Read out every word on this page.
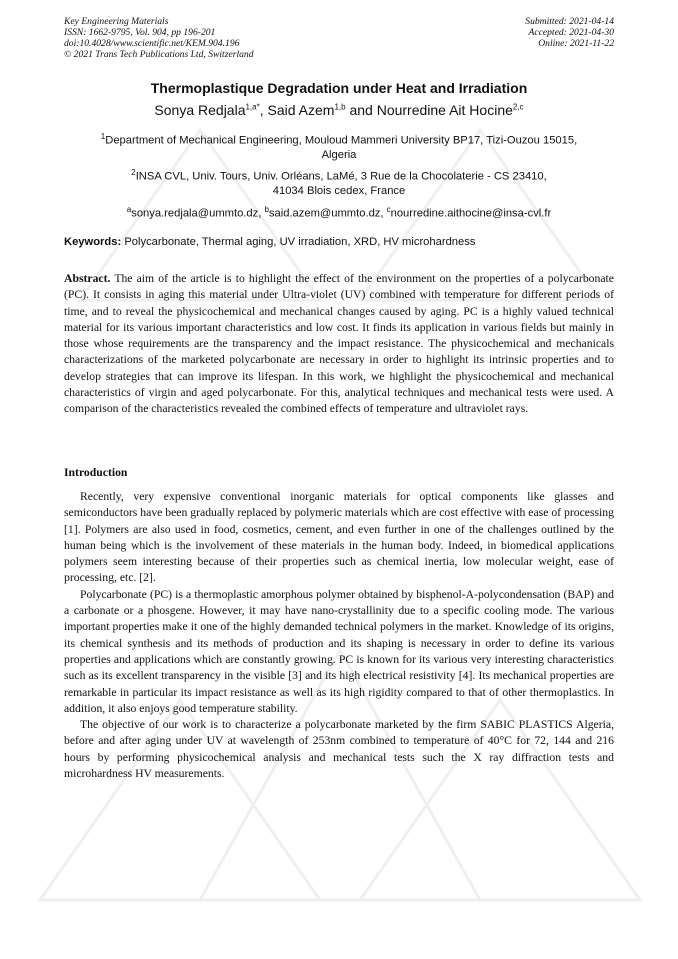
Key Engineering Materials
ISSN: 1662-9795, Vol. 904, pp 196-201
doi:10.4028/www.scientific.net/KEM.904.196
© 2021 Trans Tech Publications Ltd, Switzerland
Submitted: 2021-04-14
Accepted: 2021-04-30
Online: 2021-11-22
Thermoplastique Degradation under Heat and Irradiation
Sonya Redjala$^{1,a*}$, Said Azem$^{1,b}$ and Nourredine Ait Hocine$^{2,c}$
$^1$Department of Mechanical Engineering, Mouloud Mammeri University BP17, Tizi-Ouzou 15015,
Algeria
$^2$INSA CVL, Univ. Tours, Univ. Orléans, LaMé, 3 Rue de la Chocolaterie - CS 23410,
41034 Blois cedex, France
$^a$sonya.redjala@ummto.dz, $^b$said.azem@ummto.dz, $^c$nourredine.aithocine@insa-cvl.fr
Keywords: Polycarbonate, Thermal aging, UV irradiation, XRD, HV microhardness

Abstract. The aim of the article is to highlight the effect of the environment on the properties of a polycarbonate (PC). It consists in aging this material under Ultra-violet (UV) combined with temperature for different periods of time, and to reveal the physicochemical and mechanical changes caused by aging. PC is a highly valued technical material for its various important characteristics and low cost. It finds its application in various fields but mainly in those whose requirements are the transparency and the impact resistance. The physicochemical and mechanicals characterizations of the marketed polycarbonate are necessary in order to highlight its intrinsic properties and to develop strategies that can improve its lifespan. In this work, we highlight the physicochemical and mechanical characteristics of virgin and aged polycarbonate. For this, analytical techniques and mechanical tests were used. A comparison of the characteristics revealed the combined effects of temperature and ultraviolet rays.

Introduction

Recently, very expensive conventional inorganic materials for optical components like glasses and semiconductors have been gradually replaced by polymeric materials which are cost effective with ease of processing [1]. Polymers are also used in food, cosmetics, cement, and even further in one of the challenges outlined by the human being which is the involvement of these materials in the human body. Indeed, in biomedical applications polymers seem interesting because of their properties such as chemical inertia, low molecular weight, ease of processing, etc. [2].

Polycarbonate (PC) is a thermoplastic amorphous polymer obtained by bisphenol-A-polycondensation (BAP) and a carbonate or a phosgene. However, it may have nano-crystallinity due to a specific cooling mode. The various important properties make it one of the highly demanded technical polymers in the market. Knowledge of its origins, its chemical synthesis and its methods of production and its shaping is necessary in order to define its various properties and applications which are constantly growing. PC is known for its various very interesting characteristics such as its excellent transparency in the visible [3] and its high electrical resistivity [4]. Its mechanical properties are remarkable in particular its impact resistance as well as its high rigidity compared to that of other thermoplastics. In addition, it also enjoys good temperature stability.

The objective of our work is to characterize a polycarbonate marketed by the firm SABIC PLASTICS Algeria, before and after aging under UV at wavelength of 253nm combined to temperature of 40°C for 72, 144 and 216 hours by performing physicochemical analysis and mechanical tests such the X ray diffraction tests and microhardness HV measurements.
